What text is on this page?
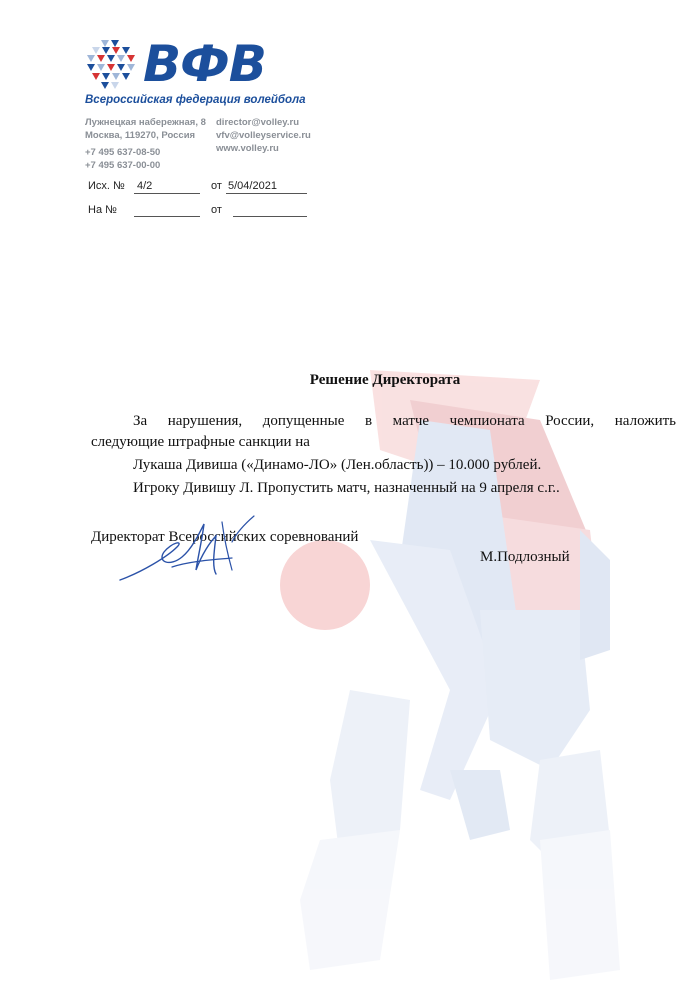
ВФВ
Всероссийская федерация волейбола
Лужнецкая набережная, 8
Москва, 119270, Россия
+7 495 637-08-50
+7 495 637-00-00
director@volley.ru
vfv@volleyservice.ru
www.volley.ru
Исх. № 4/2	от 5/04/2021
На №	от
Решение Директората
За нарушения, допущенные в матче чемпионата России, наложить
следующие штрафные санкции на
Лукаша Дивиша («Динамо-ЛО» (Лен.область)) – 10.000 рублей.
Игроку Дивишу Л. Пропустить матч, назначенный на 9 апреля с.г..
Директорат Всероссийских соревнований
М.Подлозный
